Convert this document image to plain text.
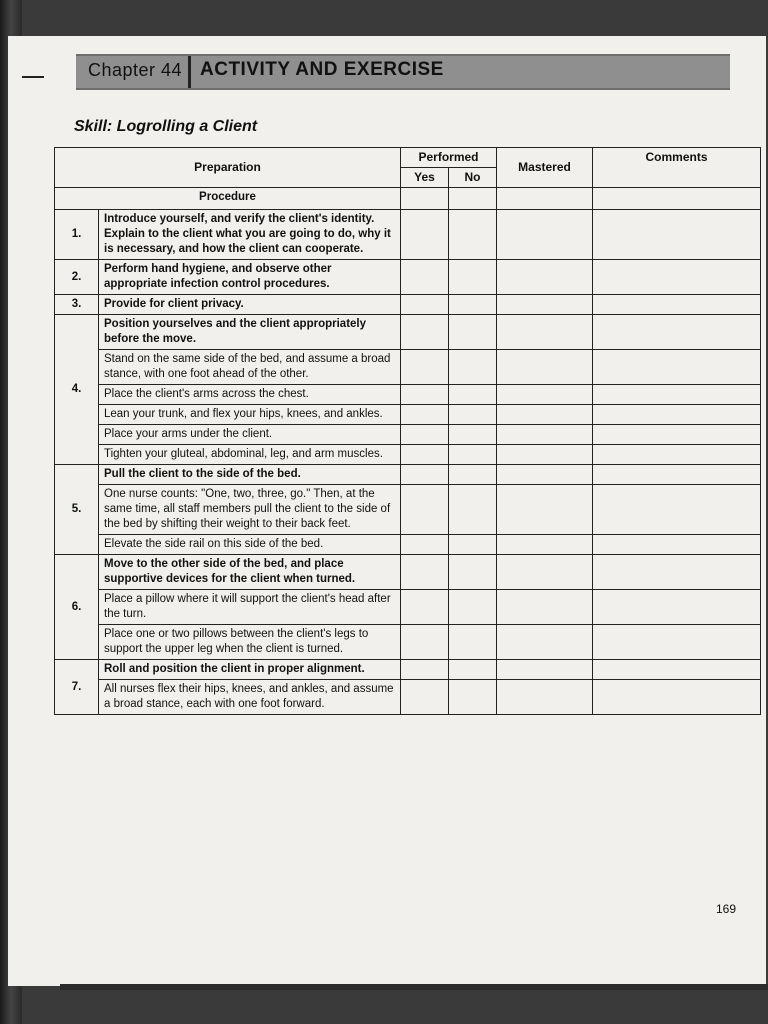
Chapter 44 ACTIVITY AND EXERCISE
Skill: Logrolling a Client
Preparation		Performed		Mastered	Comments
		Yes	No		
Procedure					
1.	Introduce yourself, and verify the client's identity. Explain to the client what you are going to do, why it is necessary, and how the client can cooperate.				
2.	Perform hand hygiene, and observe other appropriate infection control procedures.				
3.	Provide for client privacy.				
4.	Position yourselves and the client appropriately before the move.				
	Stand on the same side of the bed, and assume a broad stance, with one foot ahead of the other.				
	Place the client's arms across the chest.				
	Lean your trunk, and flex your hips, knees, and ankles.				
	Place your arms under the client.				
	Tighten your gluteal, abdominal, leg, and arm muscles.				
5.	Pull the client to the side of the bed.				
	One nurse counts: "One, two, three, go." Then, at the same time, all staff members pull the client to the side of the bed by shifting their weight to their back feet.				
	Elevate the side rail on this side of the bed.				
6.	Move to the other side of the bed, and place supportive devices for the client when turned.				
	Place a pillow where it will support the client's head after the turn.				
	Place one or two pillows between the client's legs to support the upper leg when the client is turned.				
7.	Roll and position the client in proper alignment.				
	All nurses flex their hips, knees, and ankles, and assume a broad stance, each with one foot forward.				
169
